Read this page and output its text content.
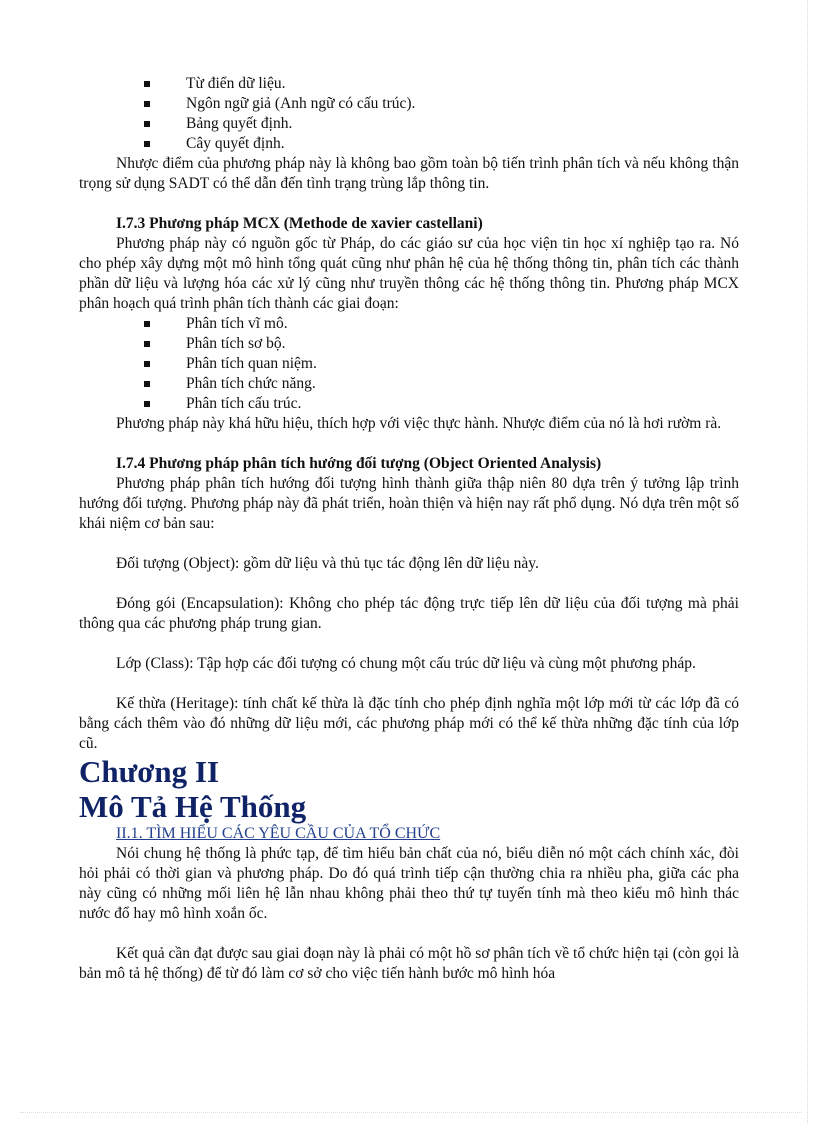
Từ điển dữ liệu.
Ngôn ngữ giả (Anh ngữ có cấu trúc).
Bảng quyết định.
Cây quyết định.

Nhược điểm của phương pháp này là không bao gồm toàn bộ tiến trình phân tích và nếu không thận trọng sử dụng SADT có thể dẫn đến tình trạng trùng lắp thông tin.

I.7.3 Phương pháp MCX (Methode de xavier castellani)

Phương pháp này có nguồn gốc từ Pháp, do các giáo sư của học viện tin học xí nghiệp tạo ra. Nó cho phép xây dựng một mô hình tổng quát cũng như phân hệ của hệ thống thông tin, phân tích các thành phần dữ liệu và lượng hóa các xử lý cũng như truyền thông các hệ thống thông tin. Phương pháp MCX phân hoạch quá trình phân tích thành các giai đoạn:

Phân tích vĩ mô.
Phân tích sơ bộ.
Phân tích quan niệm.
Phân tích chức năng.
Phân tích cấu trúc.

Phương pháp này khá hữu hiệu, thích hợp với việc thực hành. Nhược điểm của nó là hơi rườm rà.

I.7.4 Phương pháp phân tích hướng đối tượng (Object Oriented Analysis)

Phương pháp phân tích hướng đối tượng hình thành giữa thập niên 80 dựa trên ý tưởng lập trình hướng đối tượng. Phương pháp này đã phát triển, hoàn thiện và hiện nay rất phổ dụng. Nó dựa trên một số khái niệm cơ bản sau:

Đối tượng (Object): gồm dữ liệu và thủ tục tác động lên dữ liệu này.

Đóng gói (Encapsulation): Không cho phép tác động trực tiếp lên dữ liệu của đối tượng mà phải thông qua các phương pháp trung gian.

Lớp (Class): Tập hợp các đối tượng có chung một cấu trúc dữ liệu và cùng một phương pháp.

Kế thừa (Heritage): tính chất kế thừa là đặc tính cho phép định nghĩa một lớp mới từ các lớp đã có bằng cách thêm vào đó những dữ liệu mới, các phương pháp mới có thể kế thừa những đặc tính của lớp cũ.

Chương II

Mô Tả Hệ Thống

II.1. TÌM HIỂU CÁC YÊU CẦU CỦA TỔ CHỨC

Nói chung hệ thống là phức tạp, để tìm hiểu bản chất của nó, biểu diễn nó một cách chính xác, đòi hỏi phải có thời gian và phương pháp. Do đó quá trình tiếp cận thường chia ra nhiều pha, giữa các pha này cũng có những mối liên hệ lẫn nhau không phải theo thứ tự tuyến tính mà theo kiểu mô hình thác nước đổ hay mô hình xoắn ốc.

Kết quả cần đạt được sau giai đoạn này là phải có một hồ sơ phân tích về tổ chức hiện tại (còn gọi là bản mô tả hệ thống) để từ đó làm cơ sở cho việc tiến hành bước mô hình hóa
